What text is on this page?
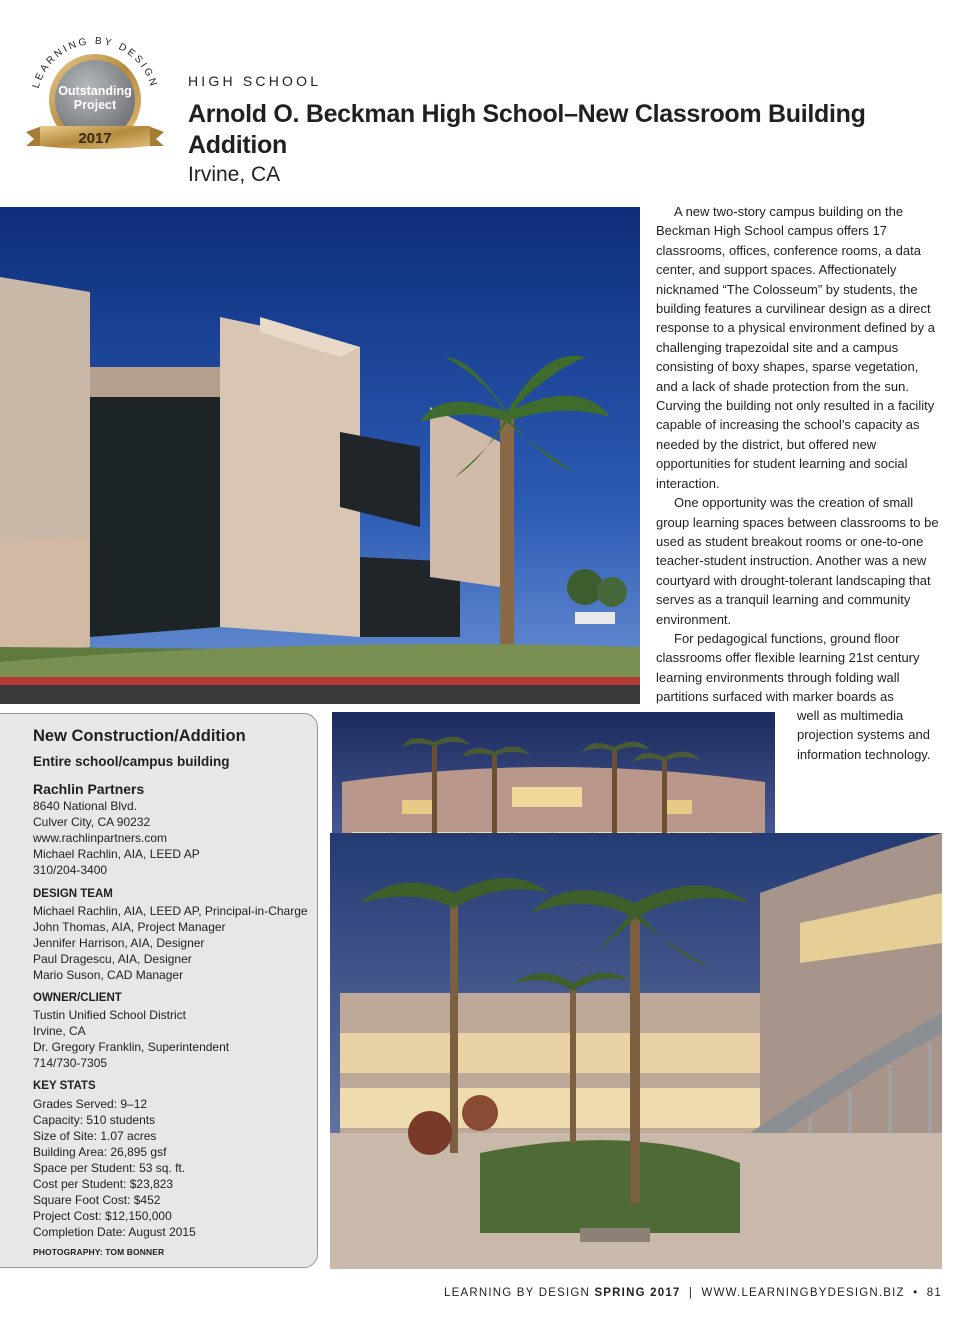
LEARNING BY DESIGN
Outstanding
Project
2017
HIGH SCHOOL
Arnold O. Beckman High School–New Classroom Building Addition
Irvine, CA

A new two-story campus building on the Beckman High School campus offers 17 classrooms, offices, conference rooms, a data center, and support spaces. Affectionately nicknamed “The Colosseum” by students, the building features a curvilinear design as a direct response to a physical environment defined by a challenging trapezoidal site and a campus consisting of boxy shapes, sparse vegetation, and a lack of shade protection from the sun. Curving the building not only resulted in a facility capable of increasing the school’s capacity as needed by the district, but offered new opportunities for student learning and social interaction.

One opportunity was the creation of small group learning spaces between classrooms to be used as student breakout rooms or one-to-one teacher-student instruction. Another was a new courtyard with drought-tolerant landscaping that serves as a tranquil learning and community environment.

For pedagogical functions, ground floor classrooms offer flexible learning 21st century learning environments through folding wall partitions surfaced with marker boards as

well as multimedia projection systems and information technology.

New Construction/Addition
Entire school/campus building
Rachlin Partners
8640 National Blvd.
Culver City, CA 90232
www.rachlinpartners.com
Michael Rachlin, AIA, LEED AP
310/204-3400
DESIGN TEAM
Michael Rachlin, AIA, LEED AP, Principal-in-Charge
John Thomas, AIA, Project Manager
Jennifer Harrison, AIA, Designer
Paul Dragescu, AIA, Designer
Mario Suson, CAD Manager
OWNER/CLIENT
Tustin Unified School District
Irvine, CA
Dr. Gregory Franklin, Superintendent
714/730-7305
KEY STATS
Grades Served: 9–12
Capacity: 510 students
Size of Site: 1.07 acres
Building Area: 26,895 gsf
Space per Student: 53 sq. ft.
Cost per Student: $23,823
Square Foot Cost: $452
Project Cost: $12,150,000
Completion Date: August 2015
PHOTOGRAPHY: TOM BONNER
LEARNING BY DESIGN SPRING 2017 | WWW.LEARNINGBYDESIGN.BIZ • 81
